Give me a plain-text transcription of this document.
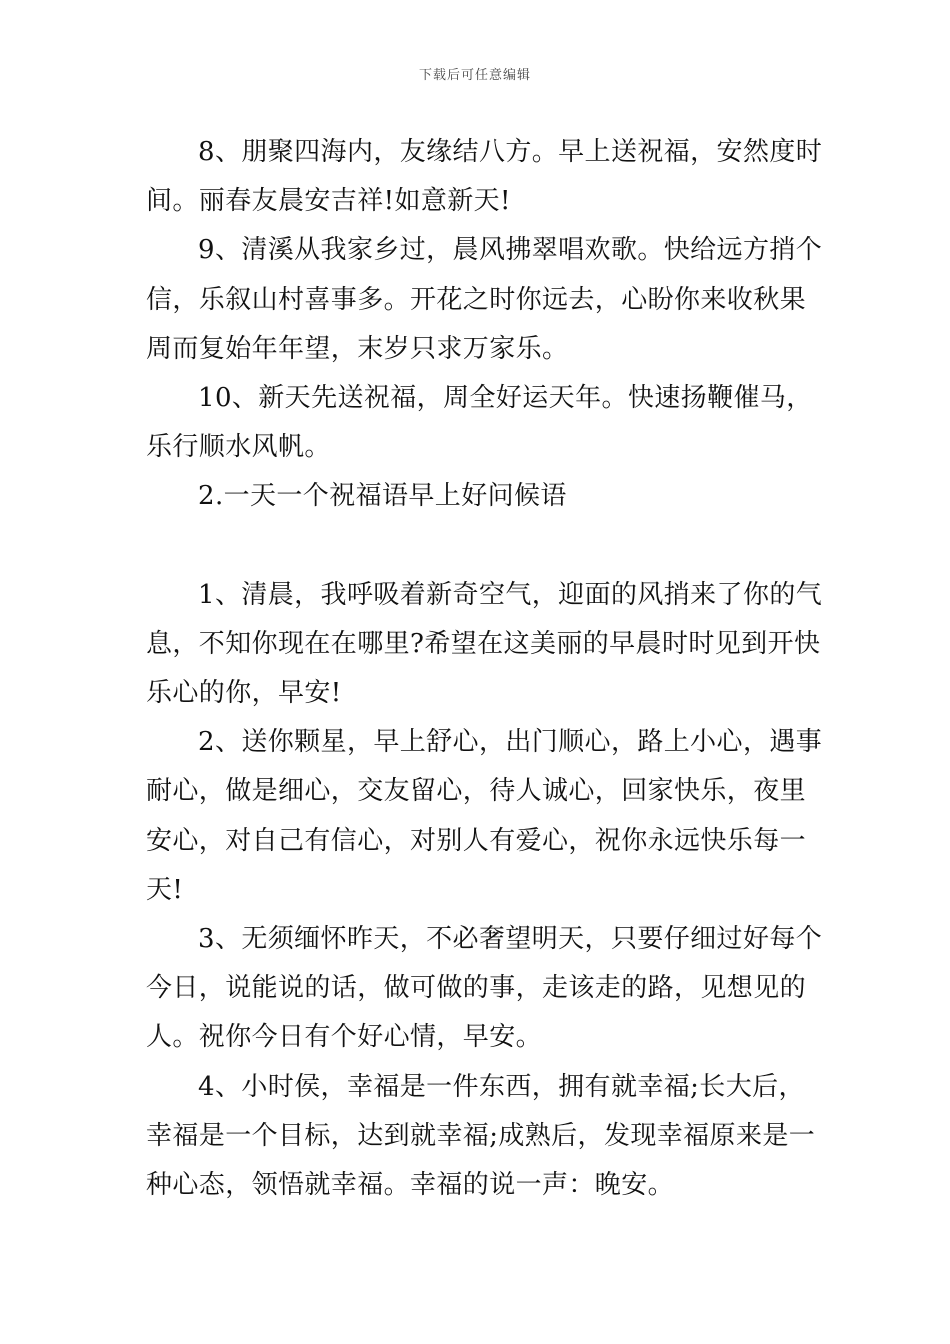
下载后可任意编辑
8、朋聚四海内，友缘结八方。早上送祝福，安然度时
间。丽春友晨安吉祥!如意新天!
9、清溪从我家乡过，晨风拂翠唱欢歌。快给远方捎个
信，乐叙山村喜事多。开花之时你远去，心盼你来收秋果
周而复始年年望，末岁只求万家乐。
10、新天先送祝福，周全好运天年。快速扬鞭催马，
乐行顺水风帆。
2.一天一个祝福语早上好问候语
1、清晨，我呼吸着新奇空气，迎面的风捎来了你的气
息，不知你现在在哪里?希望在这美丽的早晨时时见到开快
乐心的你，早安!
2、送你颗星，早上舒心，出门顺心，路上小心，遇事
耐心，做是细心，交友留心，待人诚心，回家快乐，夜里
安心，对自己有信心，对别人有爱心，祝你永远快乐每一
天!
3、无须缅怀昨天，不必奢望明天，只要仔细过好每个
今日，说能说的话，做可做的事，走该走的路，见想见的
人。祝你今日有个好心情，早安。
4、小时侯，幸福是一件东西，拥有就幸福;长大后，
幸福是一个目标，达到就幸福;成熟后，发现幸福原来是一
种心态，领悟就幸福。幸福的说一声：晚安。
